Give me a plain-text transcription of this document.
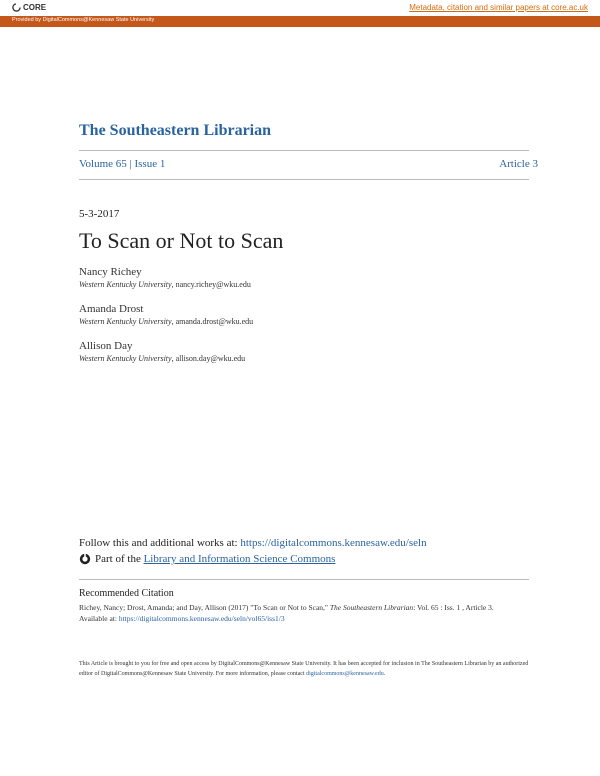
CORE	Metadata, citation and similar papers at core.ac.uk
Provided by DigitalCommons@Kennesaw State University
The Southeastern Librarian
Volume 65 | Issue 1	Article 3
5-3-2017
To Scan or Not to Scan
Nancy Richey
Western Kentucky University, nancy.richey@wku.edu
Amanda Drost
Western Kentucky University, amanda.drost@wku.edu
Allison Day
Western Kentucky University, allison.day@wku.edu
Follow this and additional works at: https://digitalcommons.kennesaw.edu/seln
Part of the Library and Information Science Commons
Recommended Citation
Richey, Nancy; Drost, Amanda; and Day, Allison (2017) "To Scan or Not to Scan," The Southeastern Librarian: Vol. 65 : Iss. 1 , Article 3.
Available at: https://digitalcommons.kennesaw.edu/seln/vol65/iss1/3
This Article is brought to you for free and open access by DigitalCommons@Kennesaw State University. It has been accepted for inclusion in The Southeastern Librarian by an authorized editor of DigitalCommons@Kennesaw State University. For more information, please contact digitalcommons@kennesaw.edu.
